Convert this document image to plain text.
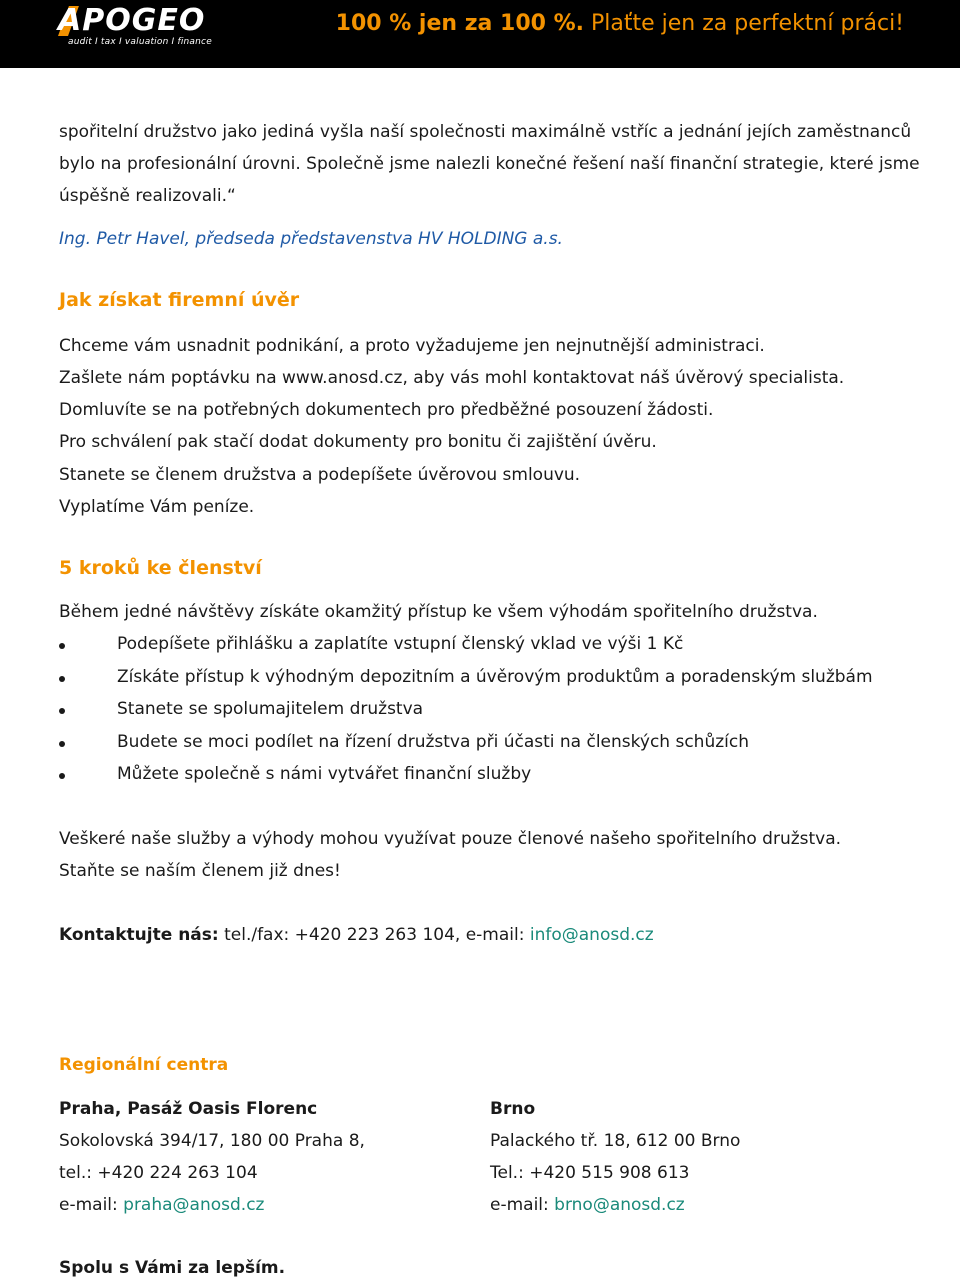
APOGEO
audit I tax I valuation I finance
100 % jen za 100 %. Plaťte jen za perfektní práci!
spořitelní družstvo jako jediná vyšla naší společnosti maximálně vstříc a jednání jejích zaměstnanců
bylo na profesionální úrovni. Společně jsme nalezli konečné řešení naší finanční strategie, které jsme
úspěšně realizovali.“
Ing. Petr Havel, předseda představenstva HV HOLDING a.s.
Jak získat firemní úvěr
Chceme vám usnadnit podnikání, a proto vyžadujeme jen nejnutnější administraci.
Zašlete nám poptávku na www.anosd.cz, aby vás mohl kontaktovat náš úvěrový specialista.
Domluvíte se na potřebných dokumentech pro předběžné posouzení žádosti.
Pro schválení pak stačí dodat dokumenty pro bonitu či zajištění úvěru.
Stanete se členem družstva a podepíšete úvěrovou smlouvu.
Vyplatíme Vám peníze.
5 kroků ke členství
Během jedné návštěvy získáte okamžitý přístup ke všem výhodám spořitelního družstva.
Podepíšete přihlášku a zaplatíte vstupní členský vklad ve výši 1 Kč
Získáte přístup k výhodným depozitním a úvěrovým produktům a poradenským službám
Stanete se spolumajitelem družstva
Budete se moci podílet na řízení družstva při účasti na členských schůzích
Můžete společně s námi vytvářet finanční služby
Veškeré naše služby a výhody mohou využívat pouze členové našeho spořitelního družstva.
Staňte se naším členem již dnes!
Kontaktujte nás: tel./fax: +420 223 263 104, e-mail: info@anosd.cz
Regionální centra
Praha, Pasáž Oasis Florenc
Sokolovská 394/17, 180 00 Praha 8,
tel.: +420 224 263 104
e-mail: praha@anosd.cz
Brno
Palackého tř. 18, 612 00 Brno
Tel.: +420 515 908 613
e-mail: brno@anosd.cz
Spolu s Vámi za lepším.
